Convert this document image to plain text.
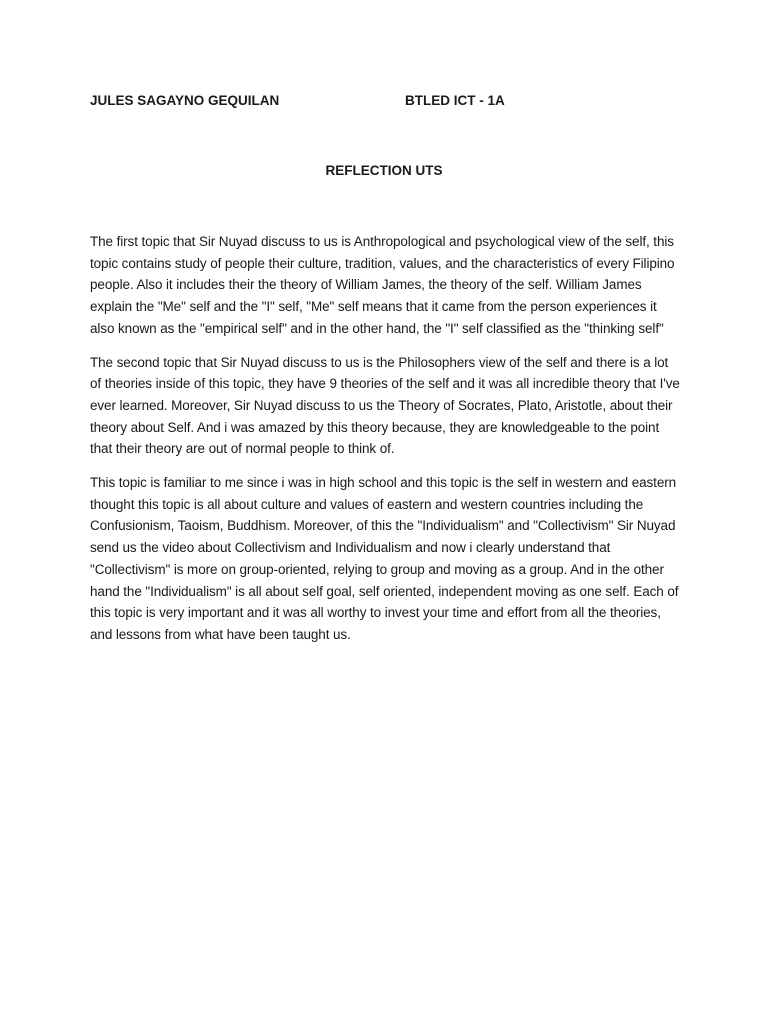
JULES SAGAYNO GEQUILAN	BTLED ICT - 1A
REFLECTION UTS

The first topic that Sir Nuyad discuss to us is Anthropological and psychological view of the self, this topic contains study of people their culture, tradition, values, and the characteristics of every Filipino people. Also it includes their the theory of William James, the theory of the self. William James explain the "Me" self and the "I" self, "Me" self means that it came from the person experiences it also known as the "empirical self" and in the other hand, the "I" self classified as the "thinking self"

The second topic that Sir Nuyad discuss to us is the Philosophers view of the self and there is a lot of theories inside of this topic, they have 9 theories of the self and it was all incredible theory that I've ever learned. Moreover, Sir Nuyad discuss to us the Theory of Socrates, Plato, Aristotle, about their theory about Self. And i was amazed by this theory because, they are knowledgeable to the point that their theory are out of normal people to think of.

This topic is familiar to me since i was in high school and this topic is the self in western and eastern thought this topic is all about culture and values of eastern and western countries including the Confusionism, Taoism, Buddhism. Moreover, of this the "Individualism" and "Collectivism" Sir Nuyad send us the video about Collectivism and Individualism and now i clearly understand that "Collectivism" is more on group-oriented, relying to group and moving as a group. And in the other hand the "Individualism" is all about self goal, self oriented, independent moving as one self. Each of this topic is very important and it was all worthy to invest your time and effort from all the theories, and lessons from what have been taught us.
